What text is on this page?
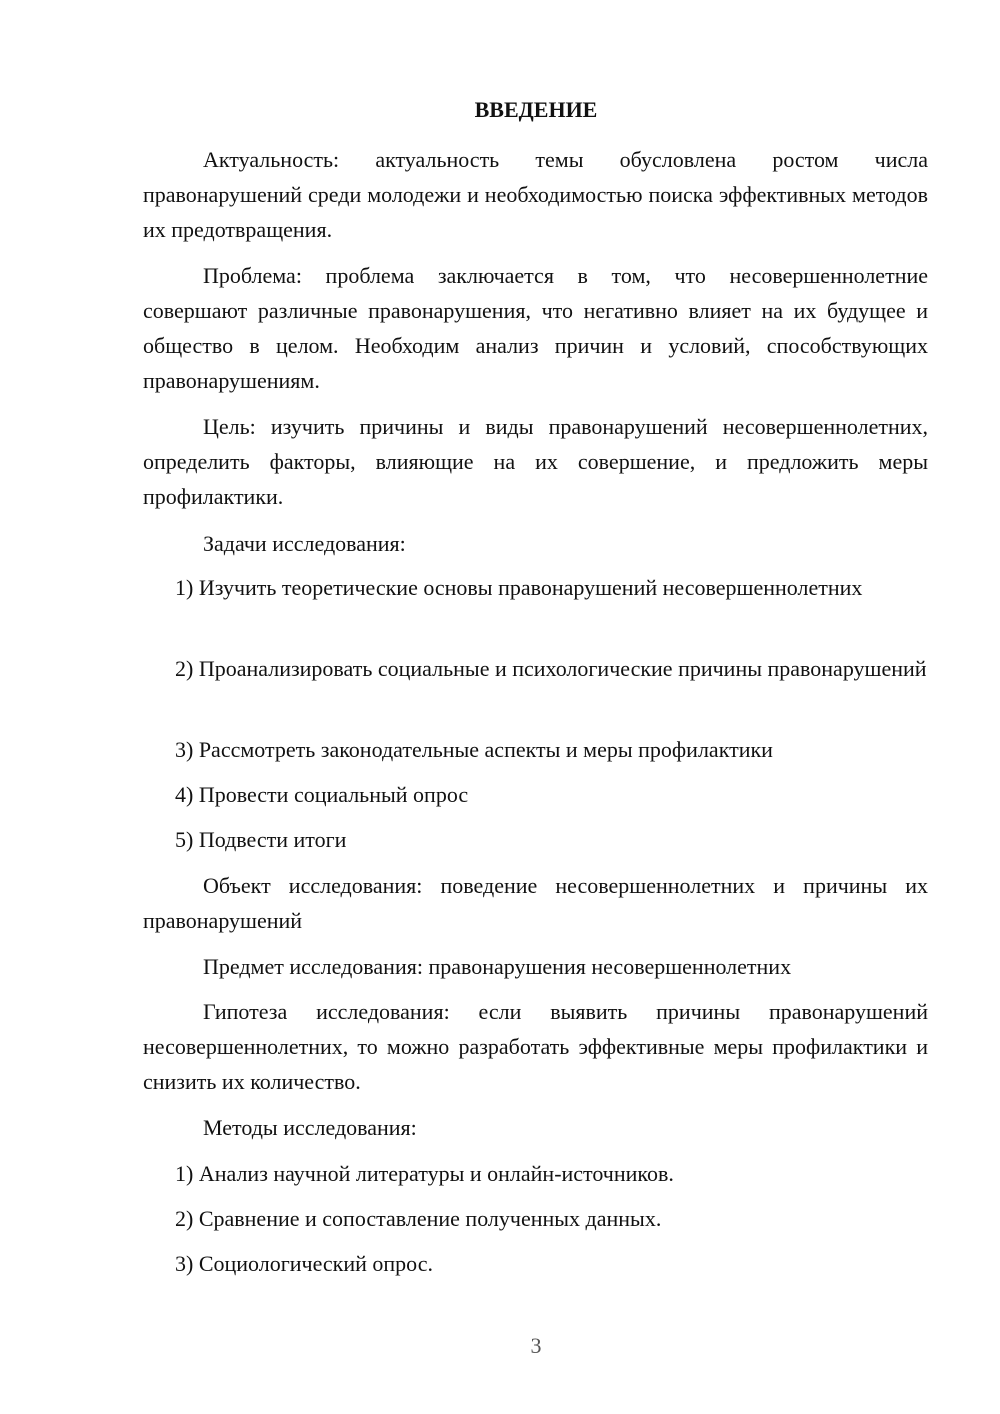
ВВЕДЕНИЕ
Актуальность: актуальность темы обусловлена ростом числа правонарушений среди молодежи и необходимостью поиска эффективных методов их предотвращения.
Проблема: проблема заключается в том, что несовершеннолетние совершают различные правонарушения, что негативно влияет на их будущее и общество в целом. Необходим анализ причин и условий, способствующих правонарушениям.
Цель: изучить причины и виды правонарушений несовершеннолетних, определить факторы, влияющие на их совершение, и предложить меры профилактики.
Задачи исследования:
1) Изучить теоретические основы правонарушений несовершеннолетних
2) Проанализировать социальные и психологические причины правонарушений
3) Рассмотреть законодательные аспекты и меры профилактики
4) Провести социальный опрос
5) Подвести итоги
Объект исследования: поведение несовершеннолетних и причины их правонарушений
Предмет исследования: правонарушения несовершеннолетних
Гипотеза исследования: если выявить причины правонарушений несовершеннолетних, то можно разработать эффективные меры профилактики и снизить их количество.
Методы исследования:
1) Анализ научной литературы и онлайн-источников.
2) Сравнение и сопоставление полученных данных.
3) Социологический опрос.
3
